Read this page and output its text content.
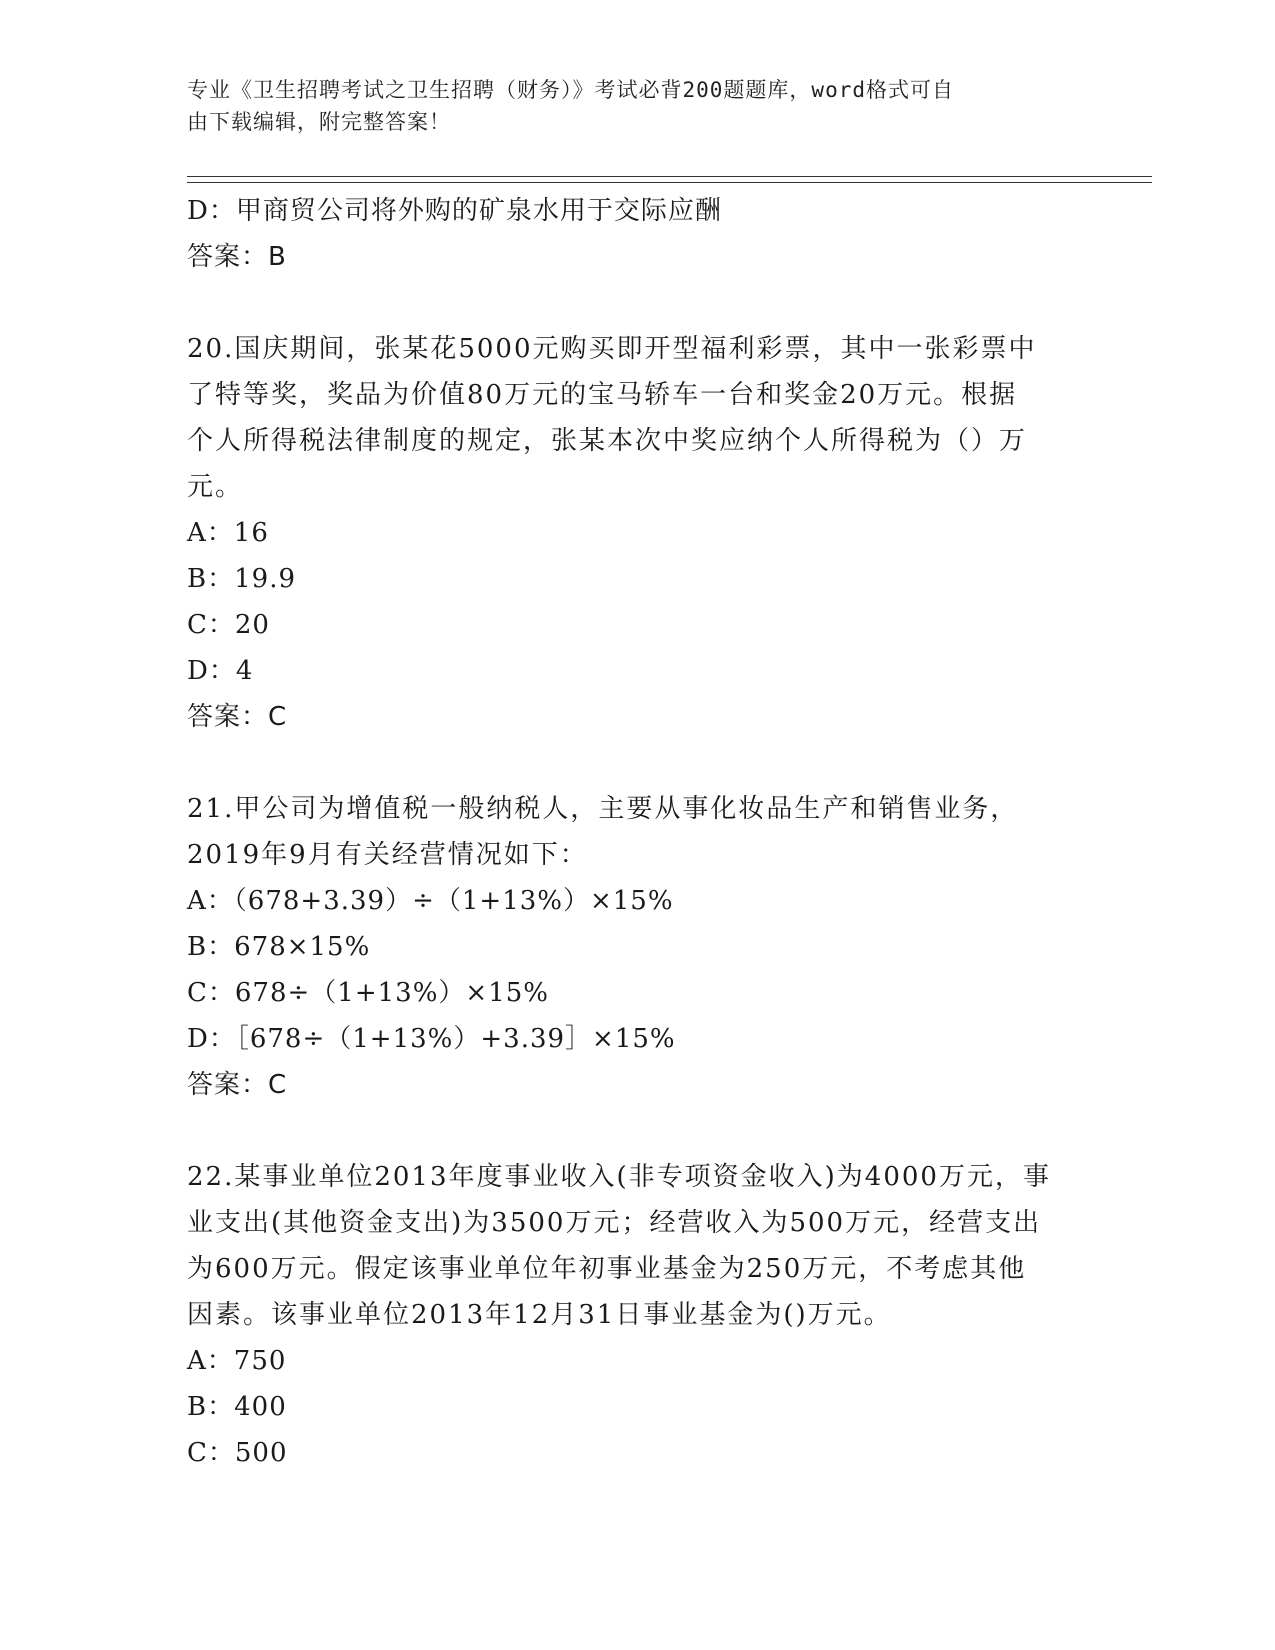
专业《卫生招聘考试之卫生招聘（财务）》考试必背200题题库，word格式可自
由下载编辑，附完整答案！
D：甲商贸公司将外购的矿泉水用于交际应酬
答案：B
20.国庆期间，张某花5000元购买即开型福利彩票，其中一张彩票中
了特等奖，奖品为价值80万元的宝马轿车一台和奖金20万元。根据
个人所得税法律制度的规定，张某本次中奖应纳个人所得税为（）万
元。
A：16
B：19.9
C：20
D：4
答案：C
21.甲公司为增值税一般纳税人，主要从事化妆品生产和销售业务，
2019年9月有关经营情况如下：
A：（678+3.39）÷（1+13%）×15%
B：678×15%
C：678÷（1+13%）×15%
D：［678÷（1+13%）+3.39］×15%
答案：C
22.某事业单位2013年度事业收入(非专项资金收入)为4000万元，事
业支出(其他资金支出)为3500万元；经营收入为500万元，经营支出
为600万元。假定该事业单位年初事业基金为250万元，不考虑其他
因素。该事业单位2013年12月31日事业基金为()万元。
A：750
B：400
C：500
